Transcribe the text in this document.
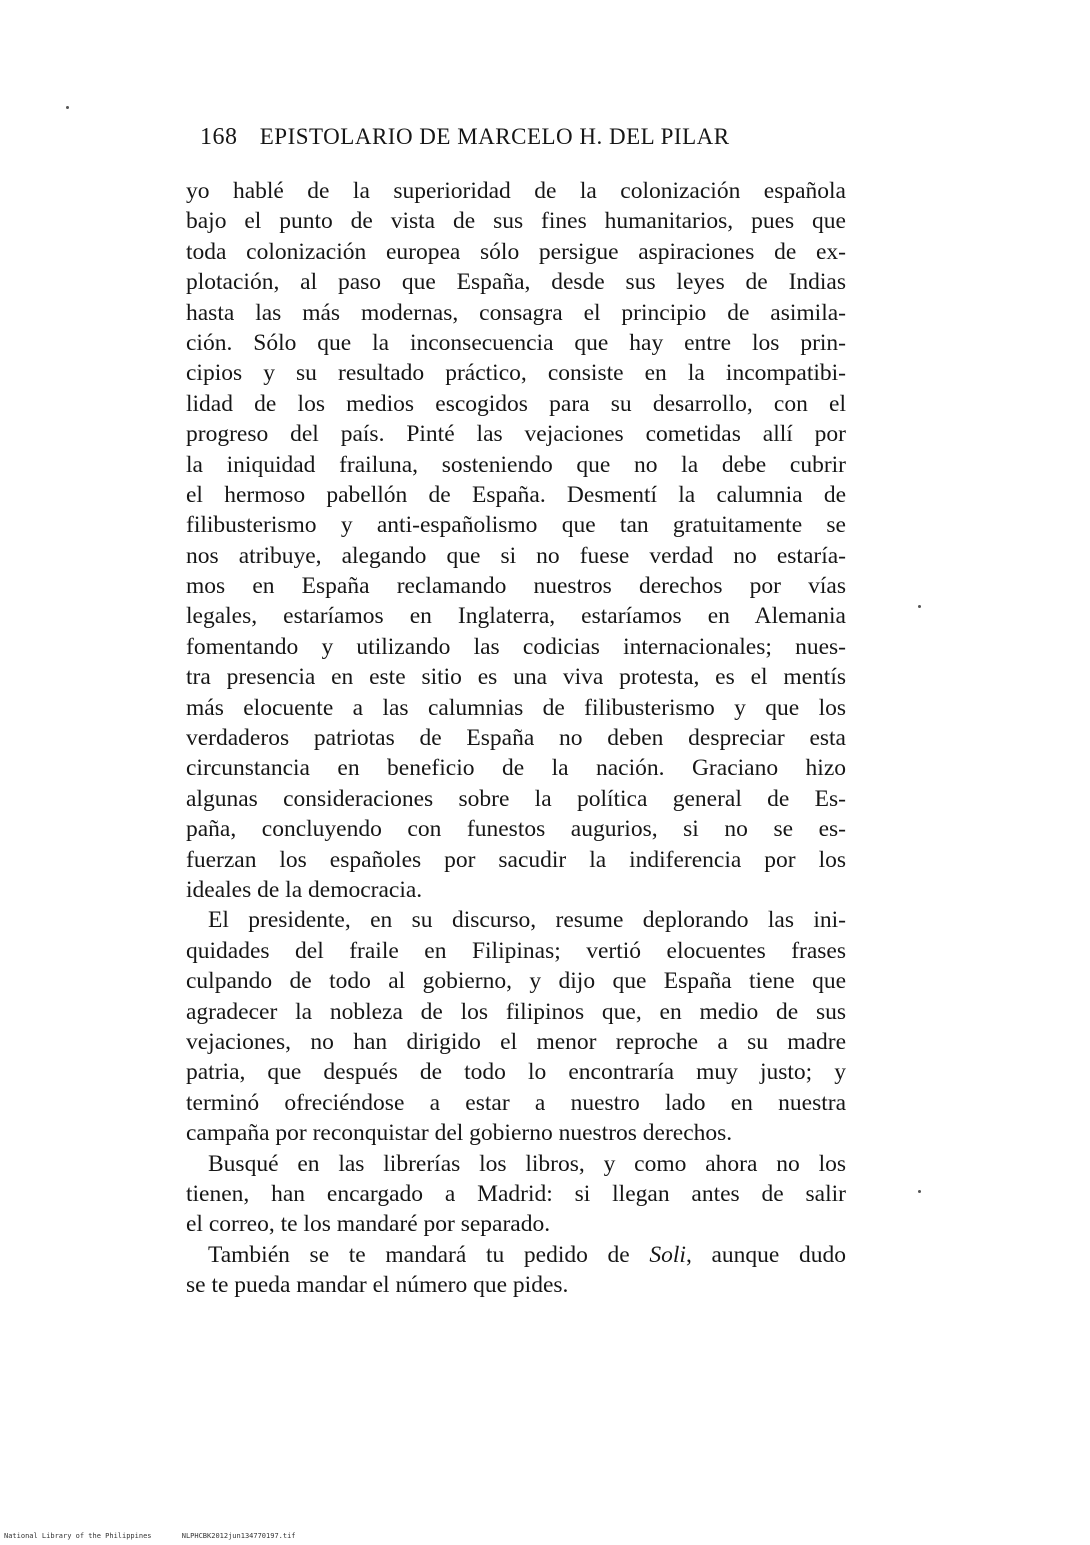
168 EPISTOLARIO DE MARCELO H. DEL PILAR
yo hablé de la superioridad de la colonización española
bajo el punto de vista de sus fines humanitarios, pues que
toda colonización europea sólo persigue aspiraciones de ex-
plotación, al paso que España, desde sus leyes de Indias
hasta las más modernas, consagra el principio de asimila-
ción. Sólo que la inconsecuencia que hay entre los prin-
cipios y su resultado práctico, consiste en la incompatibi-
lidad de los medios escogidos para su desarrollo, con el
progreso del país. Pinté las vejaciones cometidas allí por
la iniquidad frailuna, sosteniendo que no la debe cubrir
el hermoso pabellón de España. Desmentí la calumnia de
filibusterismo y anti-españolismo que tan gratuitamente se
nos atribuye, alegando que si no fuese verdad no estaría-
mos en España reclamando nuestros derechos por vías
legales, estaríamos en Inglaterra, estaríamos en Alemania
fomentando y utilizando las codicias internacionales; nues-
tra presencia en este sitio es una viva protesta, es el mentís
más elocuente a las calumnias de filibusterismo y que los
verdaderos patriotas de España no deben despreciar esta
circunstancia en beneficio de la nación. Graciano hizo
algunas consideraciones sobre la política general de Es-
paña, concluyendo con funestos augurios, si no se es-
fuerzan los españoles por sacudir la indiferencia por los
ideales de la democracia.
El presidente, en su discurso, resume deplorando las ini-
quidades del fraile en Filipinas; vertió elocuentes frases
culpando de todo al gobierno, y dijo que España tiene que
agradecer la nobleza de los filipinos que, en medio de sus
vejaciones, no han dirigido el menor reproche a su madre
patria, que después de todo lo encontraría muy justo; y
terminó ofreciéndose a estar a nuestro lado en nuestra
campaña por reconquistar del gobierno nuestros derechos.
Busqué en las librerías los libros, y como ahora no los
tienen, han encargado a Madrid: si llegan antes de salir
el correo, te los mandaré por separado.
También se te mandará tu pedido de Soli, aunque dudo
se te pueda mandar el número que pides.
National Library of the Philippines	NLPHCBK2012jun134770197.tif
